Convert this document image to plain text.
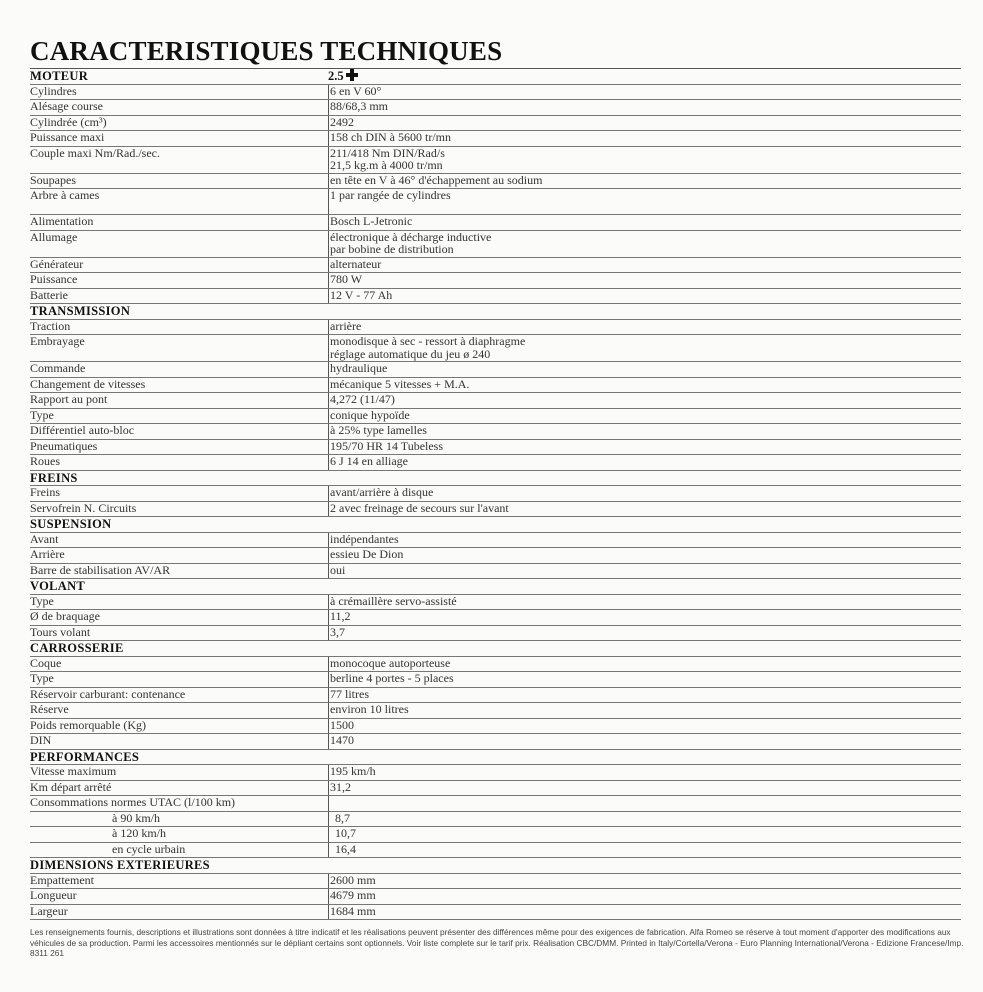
CARACTERISTIQUES TECHNIQUES
MOTEUR	2.5
Cylindres	6 en V 60°
Alésage course	88/68,3 mm
Cylindrée (cm³)	2492
Puissance maxi	158 ch DIN à 5600 tr/mn
Couple maxi Nm/Rad./sec.	211/418 Nm DIN/Rad/s
21,5 kg.m à 4000 tr/mn
Soupapes	en tête en V à 46° d'échappement au sodium
Arbre à cames	1 par rangée de cylindres
Alimentation	Bosch L-Jetronic
Allumage	électronique à décharge inductive
par bobine de distribution
Générateur	alternateur
Puissance	780 W
Batterie	12 V - 77 Ah
TRANSMISSION
Traction	arrière
Embrayage	monodisque à sec - ressort à diaphragme
réglage automatique du jeu ø 240
Commande	hydraulique
Changement de vitesses	mécanique 5 vitesses + M.A.
Rapport au pont	4,272 (11/47)
Type	conique hypoïde
Différentiel auto-bloc	à 25% type lamelles
Pneumatiques	195/70 HR 14 Tubeless
Roues	6 J 14 en alliage
FREINS
Freins	avant/arrière à disque
Servofrein N. Circuits	2 avec freinage de secours sur l'avant
SUSPENSION
Avant	indépendantes
Arrière	essieu De Dion
Barre de stabilisation AV/AR	oui
VOLANT
Type	à crémaillère servo-assisté
Ø de braquage	11,2
Tours volant	3,7
CARROSSERIE
Coque	monocoque autoporteuse
Type	berline 4 portes - 5 places
Réservoir carburant: contenance	77 litres
Réserve	environ 10 litres
Poids remorquable (Kg)	1500
DIN	1470
PERFORMANCES
Vitesse maximum	195 km/h
Km départ arrêté	31,2
Consommations normes UTAC (l/100 km)
à 90 km/h	8,7
à 120 km/h	10,7
en cycle urbain	16,4
DIMENSIONS EXTERIEURES
Empattement	2600 mm
Longueur	4679 mm
Largeur	1684 mm
Les renseignements fournis, descriptions et illustrations sont données à titre indicatif et les réalisations peuvent présenter des différences même pour des exigences de fabrication. Alfa Romeo se réserve à tout moment d'apporter des modifications aux véhicules de sa production. Parmi les accessoires mentionnés sur le dépliant certains sont optionnels. Voir liste complete sur le tarif prix. Réalisation CBC/DMM. Printed in Italy/Cortella/Verona - Euro Planning International/Verona - Edizione Francese/Imp. 8311 261
